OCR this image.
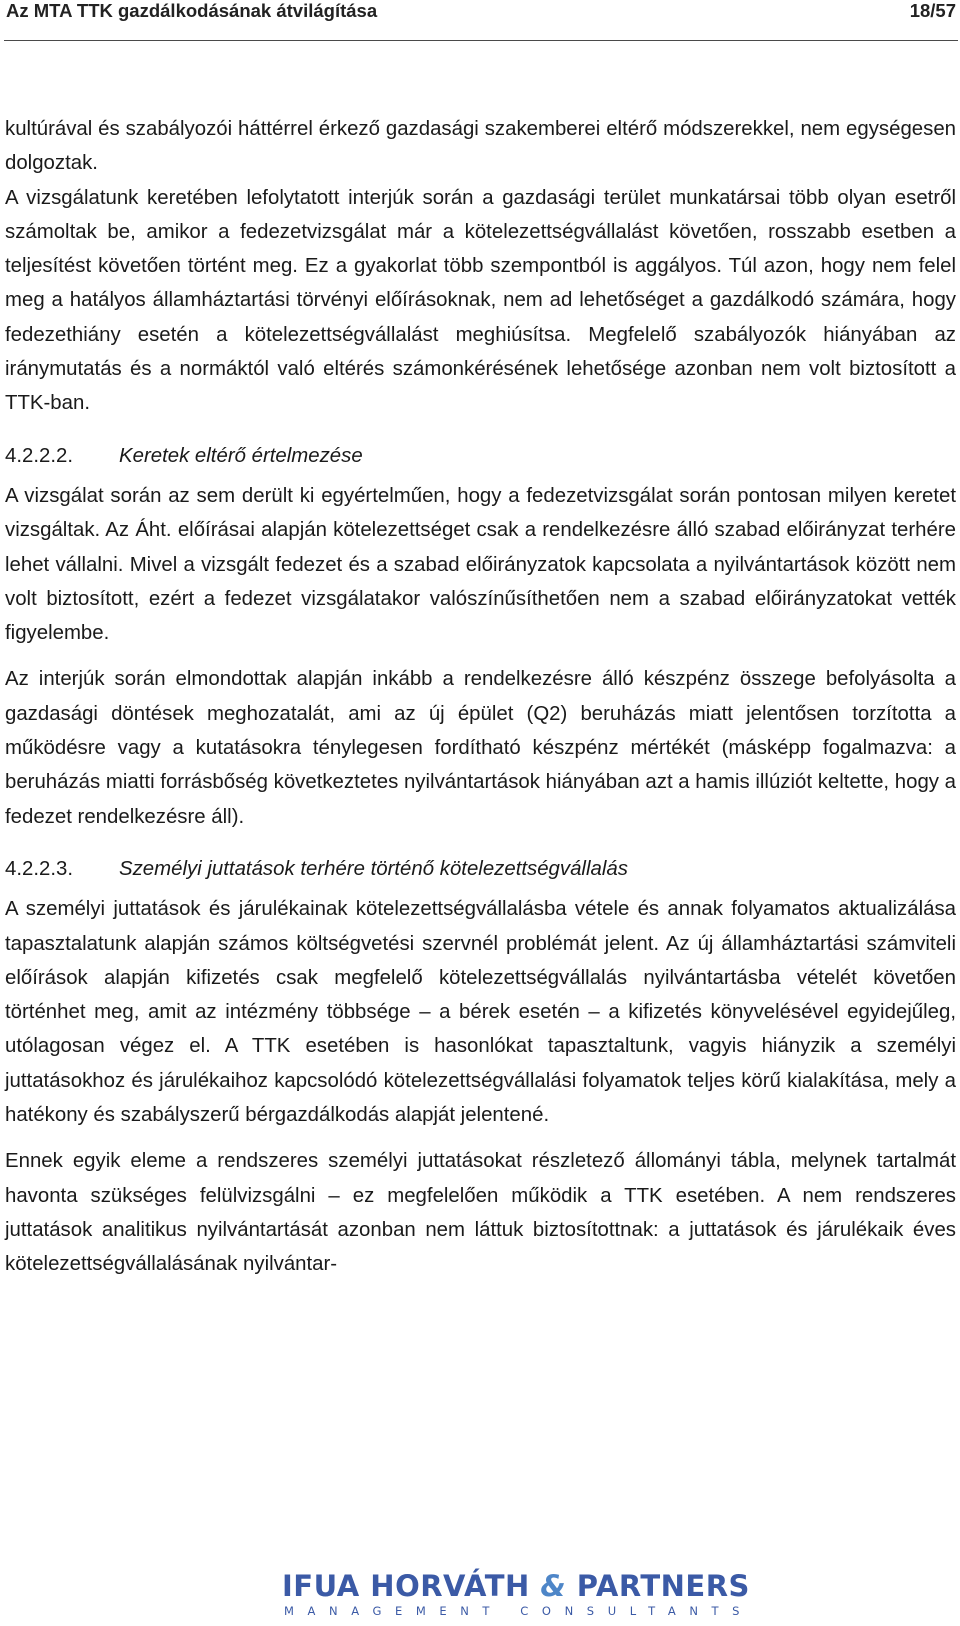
Az MTA TTK gazdálkodásának átvilágítása	18/57

kultúrával és szabályozói háttérrel érkező gazdasági szakemberei eltérő módszerekkel, nem egységesen dolgoztak.

A vizsgálatunk keretében lefolytatott interjúk során a gazdasági terület munkatársai több olyan esetről számoltak be, amikor a fedezetvizsgálat már a kötelezettségvállalást követően, rosszabb esetben a teljesítést követően történt meg. Ez a gyakorlat több szempontból is aggályos. Túl azon, hogy nem felel meg a hatályos államháztartási törvényi előírásoknak, nem ad lehetőséget a gazdálkodó számára, hogy fedezethiány esetén a kötelezettségvállalást meghiúsítsa. Megfelelő szabályozók hiányában az iránymutatás és a normáktól való eltérés számonkérésének lehetősége azonban nem volt biztosított a TTK-ban.

4.2.2.2.	Keretek eltérő értelmezése

A vizsgálat során az sem derült ki egyértelműen, hogy a fedezetvizsgálat során pontosan milyen keretet vizsgáltak. Az Áht. előírásai alapján kötelezettséget csak a rendelkezésre álló szabad előirányzat terhére lehet vállalni. Mivel a vizsgált fedezet és a szabad előirányzatok kapcsolata a nyilvántartások között nem volt biztosított, ezért a fedezet vizsgálatakor valószínűsíthetően nem a szabad előirányzatokat vették figyelembe.

Az interjúk során elmondottak alapján inkább a rendelkezésre álló készpénz összege befolyásolta a gazdasági döntések meghozatalát, ami az új épület (Q2) beruházás miatt jelentősen torzította a működésre vagy a kutatásokra ténylegesen fordítható készpénz mértékét (másképp fogalmazva: a beruházás miatti forrásbőség következtetes nyilvántartások hiányában azt a hamis illúziót keltette, hogy a fedezet rendelkezésre áll).

4.2.2.3.	Személyi juttatások terhére történő kötelezettségvállalás

A személyi juttatások és járulékainak kötelezettségvállalásba vétele és annak folyamatos aktualizálása tapasztalatunk alapján számos költségvetési szervnél problémát jelent. Az új államháztartási számviteli előírások alapján kifizetés csak megfelelő kötelezettségvállalás nyilvántartásba vételét követően történhet meg, amit az intézmény többsége – a bérek esetén – a kifizetés könyvelésével egyidejűleg, utólagosan végez el. A TTK esetében is hasonlókat tapasztaltunk, vagyis hiányzik a személyi juttatásokhoz és járulékaihoz kapcsolódó kötelezettségvállalási folyamatok teljes körű kialakítása, mely a hatékony és szabályszerű bérgazdálkodás alapját jelentené.

Ennek egyik eleme a rendszeres személyi juttatásokat részletező állományi tábla, melynek tartalmát havonta szükséges felülvizsgálni – ez megfelelően működik a TTK esetében. A nem rendszeres juttatások analitikus nyilvántartását azonban nem láttuk biztosítottnak: a juttatások és járulékaik éves kötelezettségvállalásának nyilvántar-

IFUA HORVÁTH & PARTNERS
MANAGEMENT CONSULTANTS
